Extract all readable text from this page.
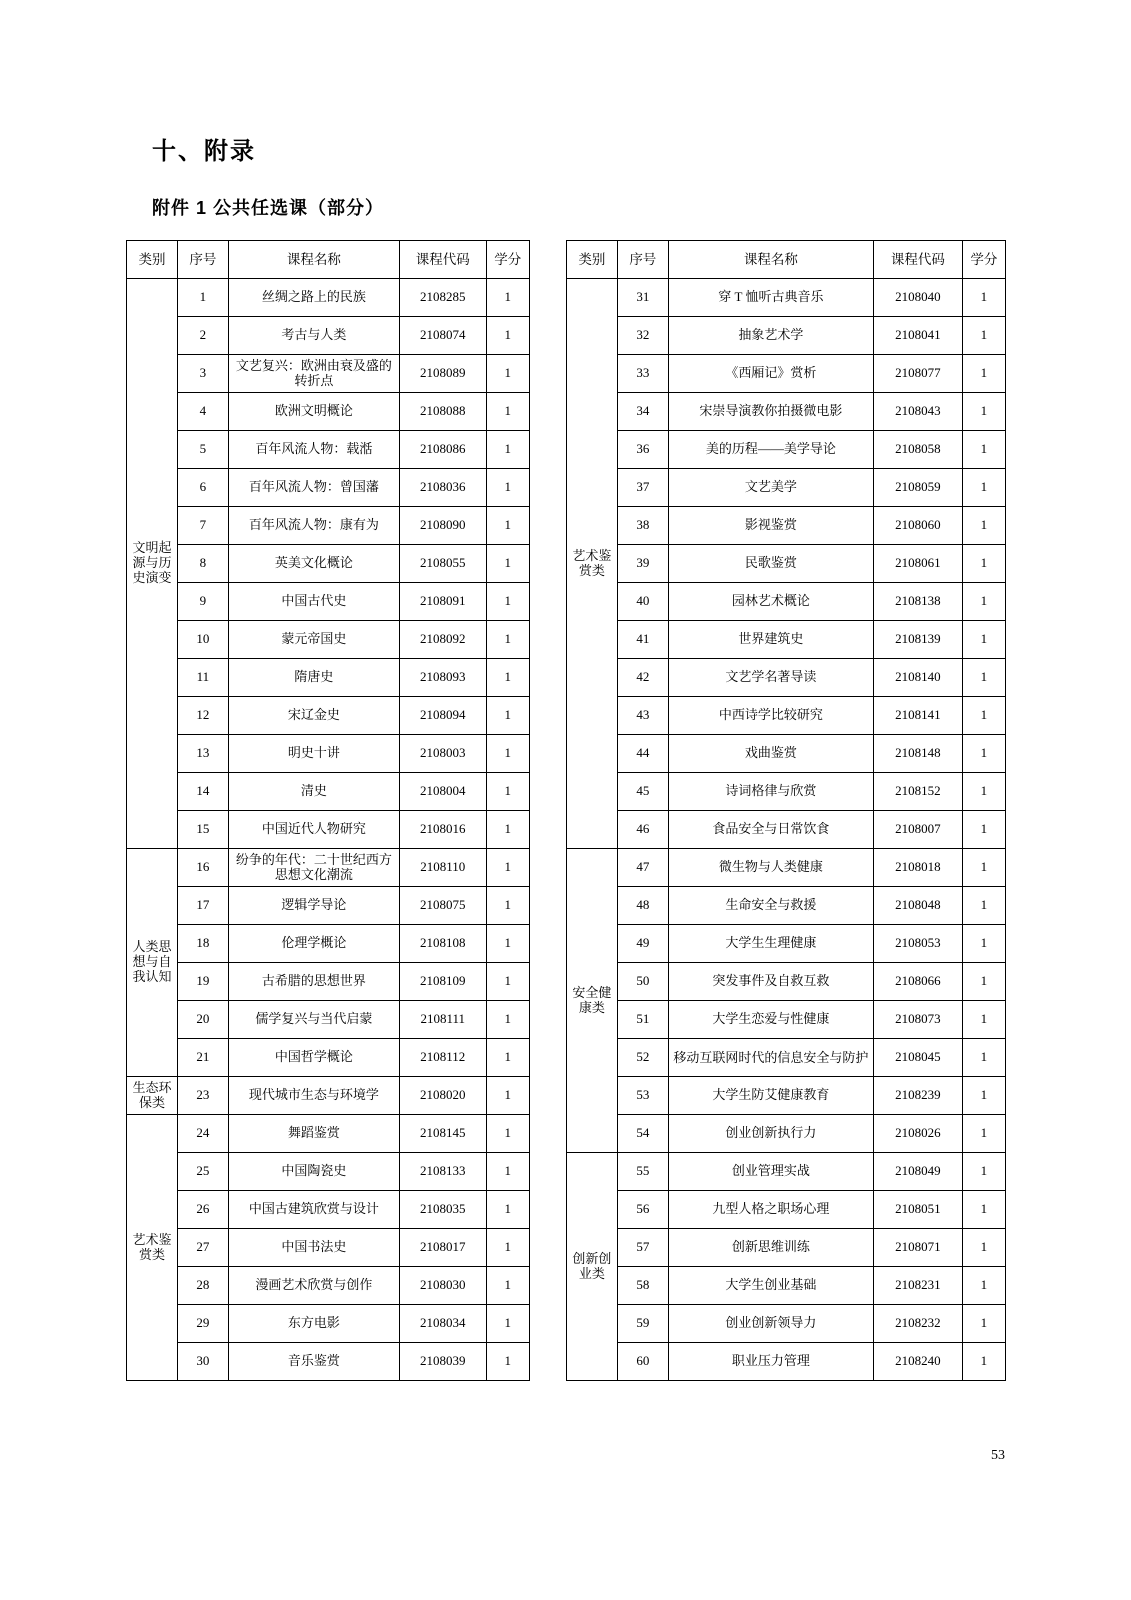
十、附录
附件 1 公共任选课（部分）
类别	序号	课程名称	课程代码	学分
文明起源与历史演变	1	丝绸之路上的民族	2108285	1
	2	考古与人类	2108074	1
	3	文艺复兴：欧洲由衰及盛的转折点	2108089	1
	4	欧洲文明概论	2108088	1
	5	百年风流人物：载湉	2108086	1
	6	百年风流人物：曾国藩	2108036	1
	7	百年风流人物：康有为	2108090	1
	8	英美文化概论	2108055	1
	9	中国古代史	2108091	1
	10	蒙元帝国史	2108092	1
	11	隋唐史	2108093	1
	12	宋辽金史	2108094	1
	13	明史十讲	2108003	1
	14	清史	2108004	1
	15	中国近代人物研究	2108016	1
人类思想与自我认知	16	纷争的年代：二十世纪西方思想文化潮流	2108110	1
	17	逻辑学导论	2108075	1
	18	伦理学概论	2108108	1
	19	古希腊的思想世界	2108109	1
	20	儒学复兴与当代启蒙	2108111	1
	21	中国哲学概论	2108112	1
生态环保类	23	现代城市生态与环境学	2108020	1
艺术鉴赏类	24	舞蹈鉴赏	2108145	1
	25	中国陶瓷史	2108133	1
	26	中国古建筑欣赏与设计	2108035	1
	27	中国书法史	2108017	1
	28	漫画艺术欣赏与创作	2108030	1
	29	东方电影	2108034	1
	30	音乐鉴赏	2108039	1
类别	序号	课程名称	课程代码	学分
艺术鉴赏类	31	穿 T 恤听古典音乐	2108040	1
	32	抽象艺术学	2108041	1
	33	《西厢记》赏析	2108077	1
	34	宋崇导演教你拍摄微电影	2108043	1
	36	美的历程——美学导论	2108058	1
	37	文艺美学	2108059	1
	38	影视鉴赏	2108060	1
	39	民歌鉴赏	2108061	1
	40	园林艺术概论	2108138	1
	41	世界建筑史	2108139	1
	42	文艺学名著导读	2108140	1
	43	中西诗学比较研究	2108141	1
	44	戏曲鉴赏	2108148	1
	45	诗词格律与欣赏	2108152	1
	46	食品安全与日常饮食	2108007	1
安全健康类	47	微生物与人类健康	2108018	1
	48	生命安全与救援	2108048	1
	49	大学生生理健康	2108053	1
	50	突发事件及自救互救	2108066	1
	51	大学生恋爱与性健康	2108073	1
	52	移动互联网时代的信息安全与防护	2108045	1
	53	大学生防艾健康教育	2108239	1
	54	创业创新执行力	2108026	1
创新创业类	55	创业管理实战	2108049	1
	56	九型人格之职场心理	2108051	1
	57	创新思维训练	2108071	1
	58	大学生创业基础	2108231	1
	59	创业创新领导力	2108232	1
	60	职业压力管理	2108240	1
53
